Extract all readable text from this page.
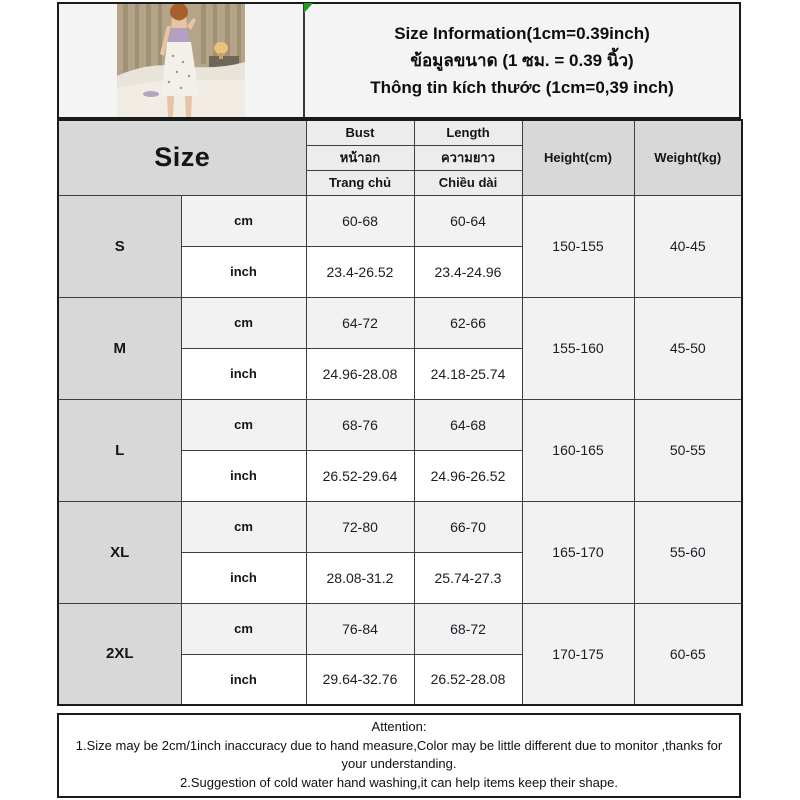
Size Information(1cm=0.39inch)
ข้อมูลขนาด (1 ซม. = 0.39 นิ้ว)
Thông tin kích thước (1cm=0,39 inch)
Size		Bust	Length	Height(cm)	Weight(kg)
		หน้าอก	ความยาว		
		Trang chủ	Chiều dài		
S	cm	60-68	60-64	150-155	40-45
	inch	23.4-26.52	23.4-24.96		
M	cm	64-72	62-66	155-160	45-50
	inch	24.96-28.08	24.18-25.74		
L	cm	68-76	64-68	160-165	50-55
	inch	26.52-29.64	24.96-26.52		
XL	cm	72-80	66-70	165-170	55-60
	inch	28.08-31.2	25.74-27.3		
2XL	cm	76-84	68-72	170-175	60-65
	inch	29.64-32.76	26.52-28.08		
Attention:
1.Size may be 2cm/1inch inaccuracy due to hand measure,Color may be little different due to monitor ,thanks for your understanding.
2.Suggestion of cold water hand washing,it can help items keep their shape.
